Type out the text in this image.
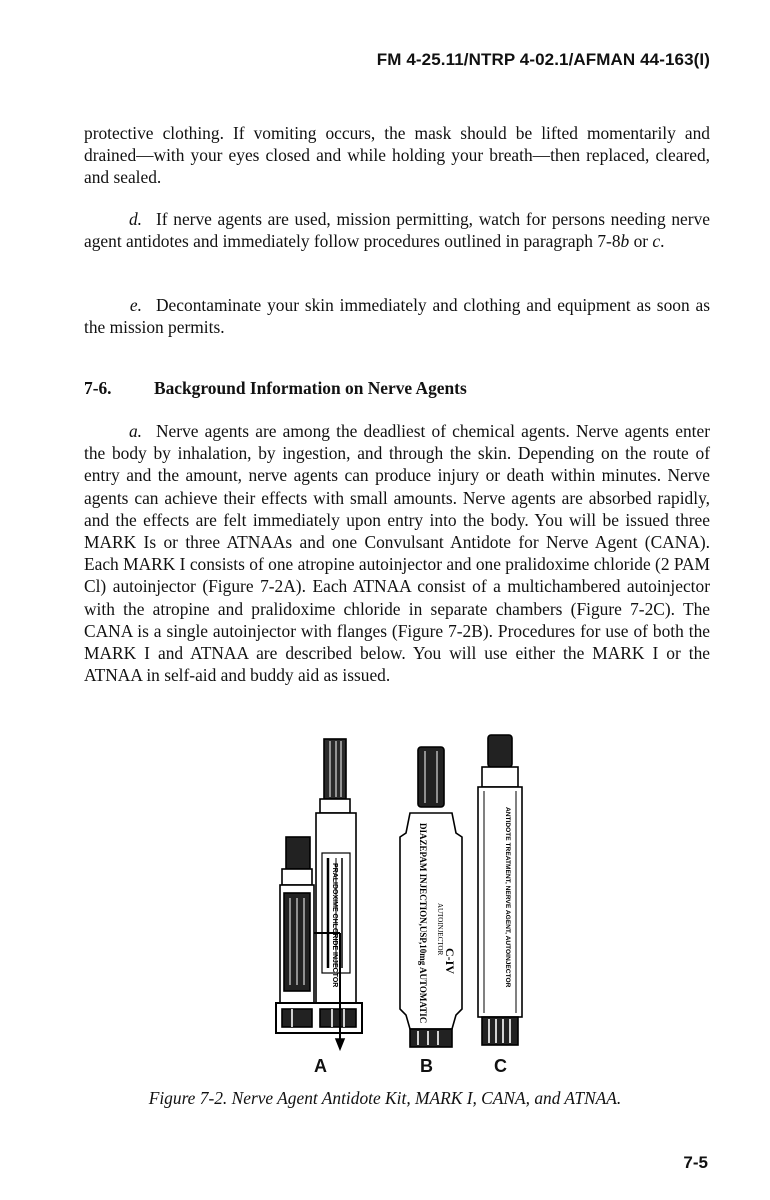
FM 4-25.11/NTRP 4-02.1/AFMAN 44-163(I)

protective clothing. If vomiting occurs, the mask should be lifted momentarily and drained—with your eyes closed and while holding your breath—then replaced, cleared, and sealed.

d. If nerve agents are used, mission permitting, watch for persons needing nerve agent antidotes and immediately follow procedures outlined in paragraph 7-8b or c.

e. Decontaminate your skin immediately and clothing and equipment as soon as the mission permits.

7-6. Background Information on Nerve Agents

a. Nerve agents are among the deadliest of chemical agents. Nerve agents enter the body by inhalation, by ingestion, and through the skin. Depending on the route of entry and the amount, nerve agents can produce injury or death within minutes. Nerve agents can achieve their effects with small amounts. Nerve agents are absorbed rapidly, and the effects are felt immediately upon entry into the body. You will be issued three MARK Is or three ATNAAs and one Convulsant Antidote for Nerve Agent (CANA). Each MARK I consists of one atropine autoinjector and one pralidoxime chloride (2 PAM Cl) autoinjector (Figure 7-2A). Each ATNAA consist of a multichambered autoinjector with the atropine and pralidoxime chloride in separate chambers (Figure 7-2C). The CANA is a single autoinjector with flanges (Figure 7-2B). Procedures for use of both the MARK I and ATNAA are described below. You will use either the MARK I or the ATNAA in self-aid and buddy aid as issued.

PRALIDOXIME CHLORIDE INJECTOR	DIAZEPAM INJECTION,USP,10mg AUTOMATIC AUTOINJECTOR
C-IV	ANTIDOTE TREATMENT, NERVE AGENT, AUTOINJECTOR
A	B	C
Figure 7-2. Nerve Agent Antidote Kit, MARK I, CANA, and ATNAA.
7-5
